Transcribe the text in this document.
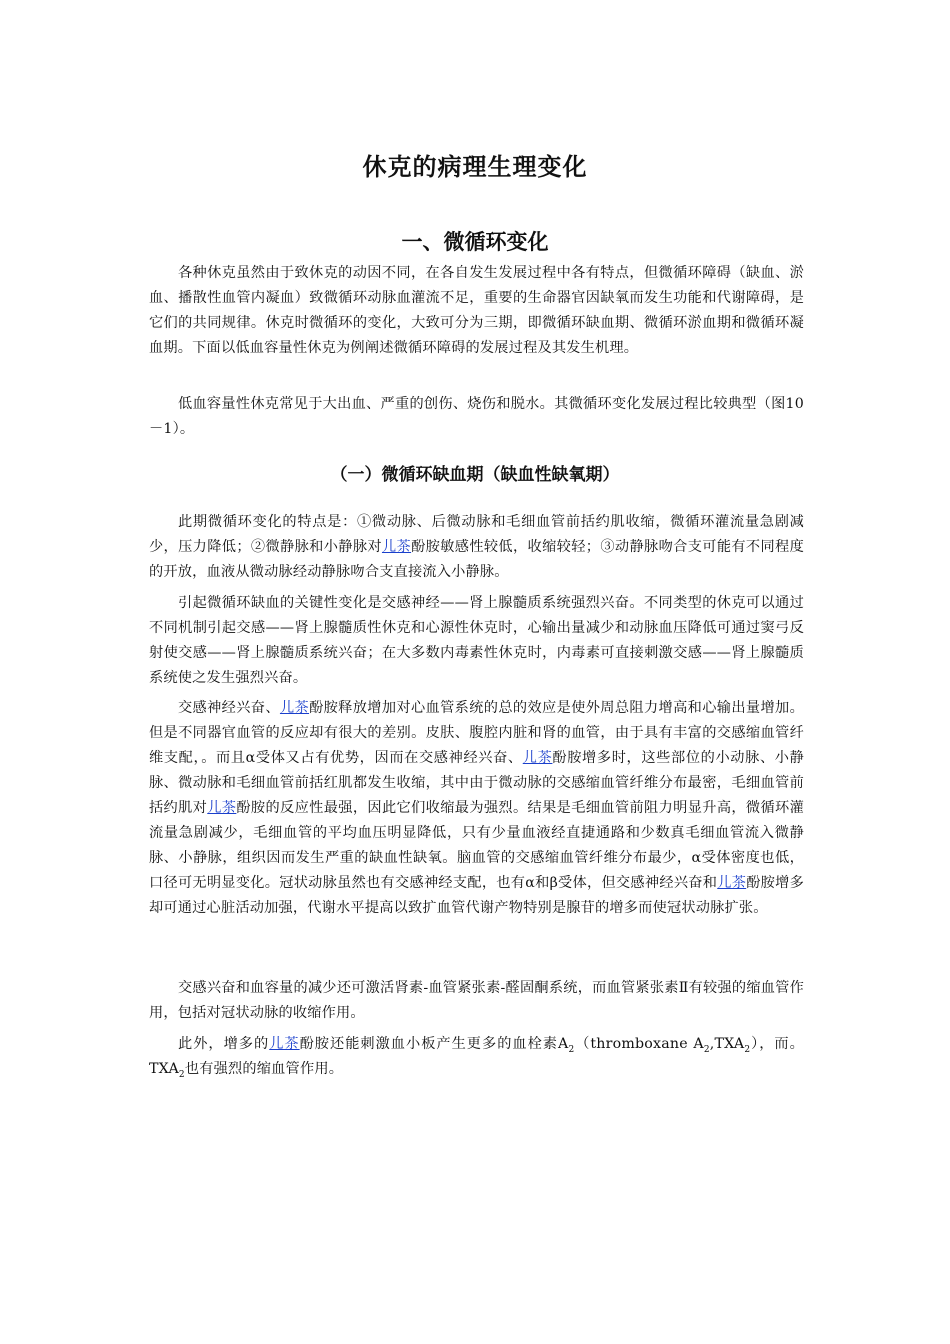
休克的病理生理变化
一、微循环变化

各种休克虽然由于致休克的动因不同，在各自发生发展过程中各有特点，但微循环障碍（缺血、淤血、播散性血管内凝血）致微循环动脉血灌流不足，重要的生命器官因缺氧而发生功能和代谢障碍，是它们的共同规律。休克时微循环的变化，大致可分为三期，即微循环缺血期、微循环淤血期和微循环凝血期。下面以低血容量性休克为例阐述微循环障碍的发展过程及其发生机理。

低血容量性休克常见于大出血、严重的创伤、烧伤和脱水。其微循环变化发展过程比较典型（图10－1）。

（一）微循环缺血期（缺血性缺氧期）

此期微循环变化的特点是：①微动脉、后微动脉和毛细血管前括约肌收缩，微循环灌流量急剧减少，压力降低；②微静脉和小静脉对儿茶酚胺敏感性较低，收缩较轻；③动静脉吻合支可能有不同程度的开放，血液从微动脉经动静脉吻合支直接流入小静脉。

引起微循环缺血的关键性变化是交感神经——肾上腺髓质系统强烈兴奋。不同类型的休克可以通过不同机制引起交感——肾上腺髓质性休克和心源性休克时，心输出量减少和动脉血压降低可通过窦弓反射使交感——肾上腺髓质系统兴奋；在大多数内毒素性休克时，内毒素可直接刺激交感——肾上腺髓质系统使之发生强烈兴奋。

交感神经兴奋、儿茶酚胺释放增加对心血管系统的总的效应是使外周总阻力增高和心输出量增加。但是不同器官血管的反应却有很大的差别。皮肤、腹腔内脏和肾的血管，由于具有丰富的交感缩血管纤维支配，。而且α受体又占有优势，因而在交感神经兴奋、儿茶酚胺增多时，这些部位的小动脉、小静脉、微动脉和毛细血管前括红肌都发生收缩，其中由于微动脉的交感缩血管纤维分布最密，毛细血管前括约肌对儿茶酚胺的反应性最强，因此它们收缩最为强烈。结果是毛细血管前阻力明显升高，微循环灌流量急剧减少，毛细血管的平均血压明显降低，只有少量血液经直捷通路和少数真毛细血管流入微静脉、小静脉，组织因而发生严重的缺血性缺氧。脑血管的交感缩血管纤维分布最少，α受体密度也低，口径可无明显变化。冠状动脉虽然也有交感神经支配，也有α和β受体，但交感神经兴奋和儿茶酚胺增多却可通过心脏活动加强，代谢水平提高以致扩血管代谢产物特别是腺苷的增多而使冠状动脉扩张。

交感兴奋和血容量的减少还可激活肾素-血管紧张素-醛固酮系统，而血管紧张素Ⅱ有较强的缩血管作用，包括对冠状动脉的收缩作用。

此外，增多的儿茶酚胺还能刺激血小板产生更多的血栓素$A_2(thromboxane$ $A_2,TXA_2$），而。$TXA_2$也有强烈的缩血管作用。
